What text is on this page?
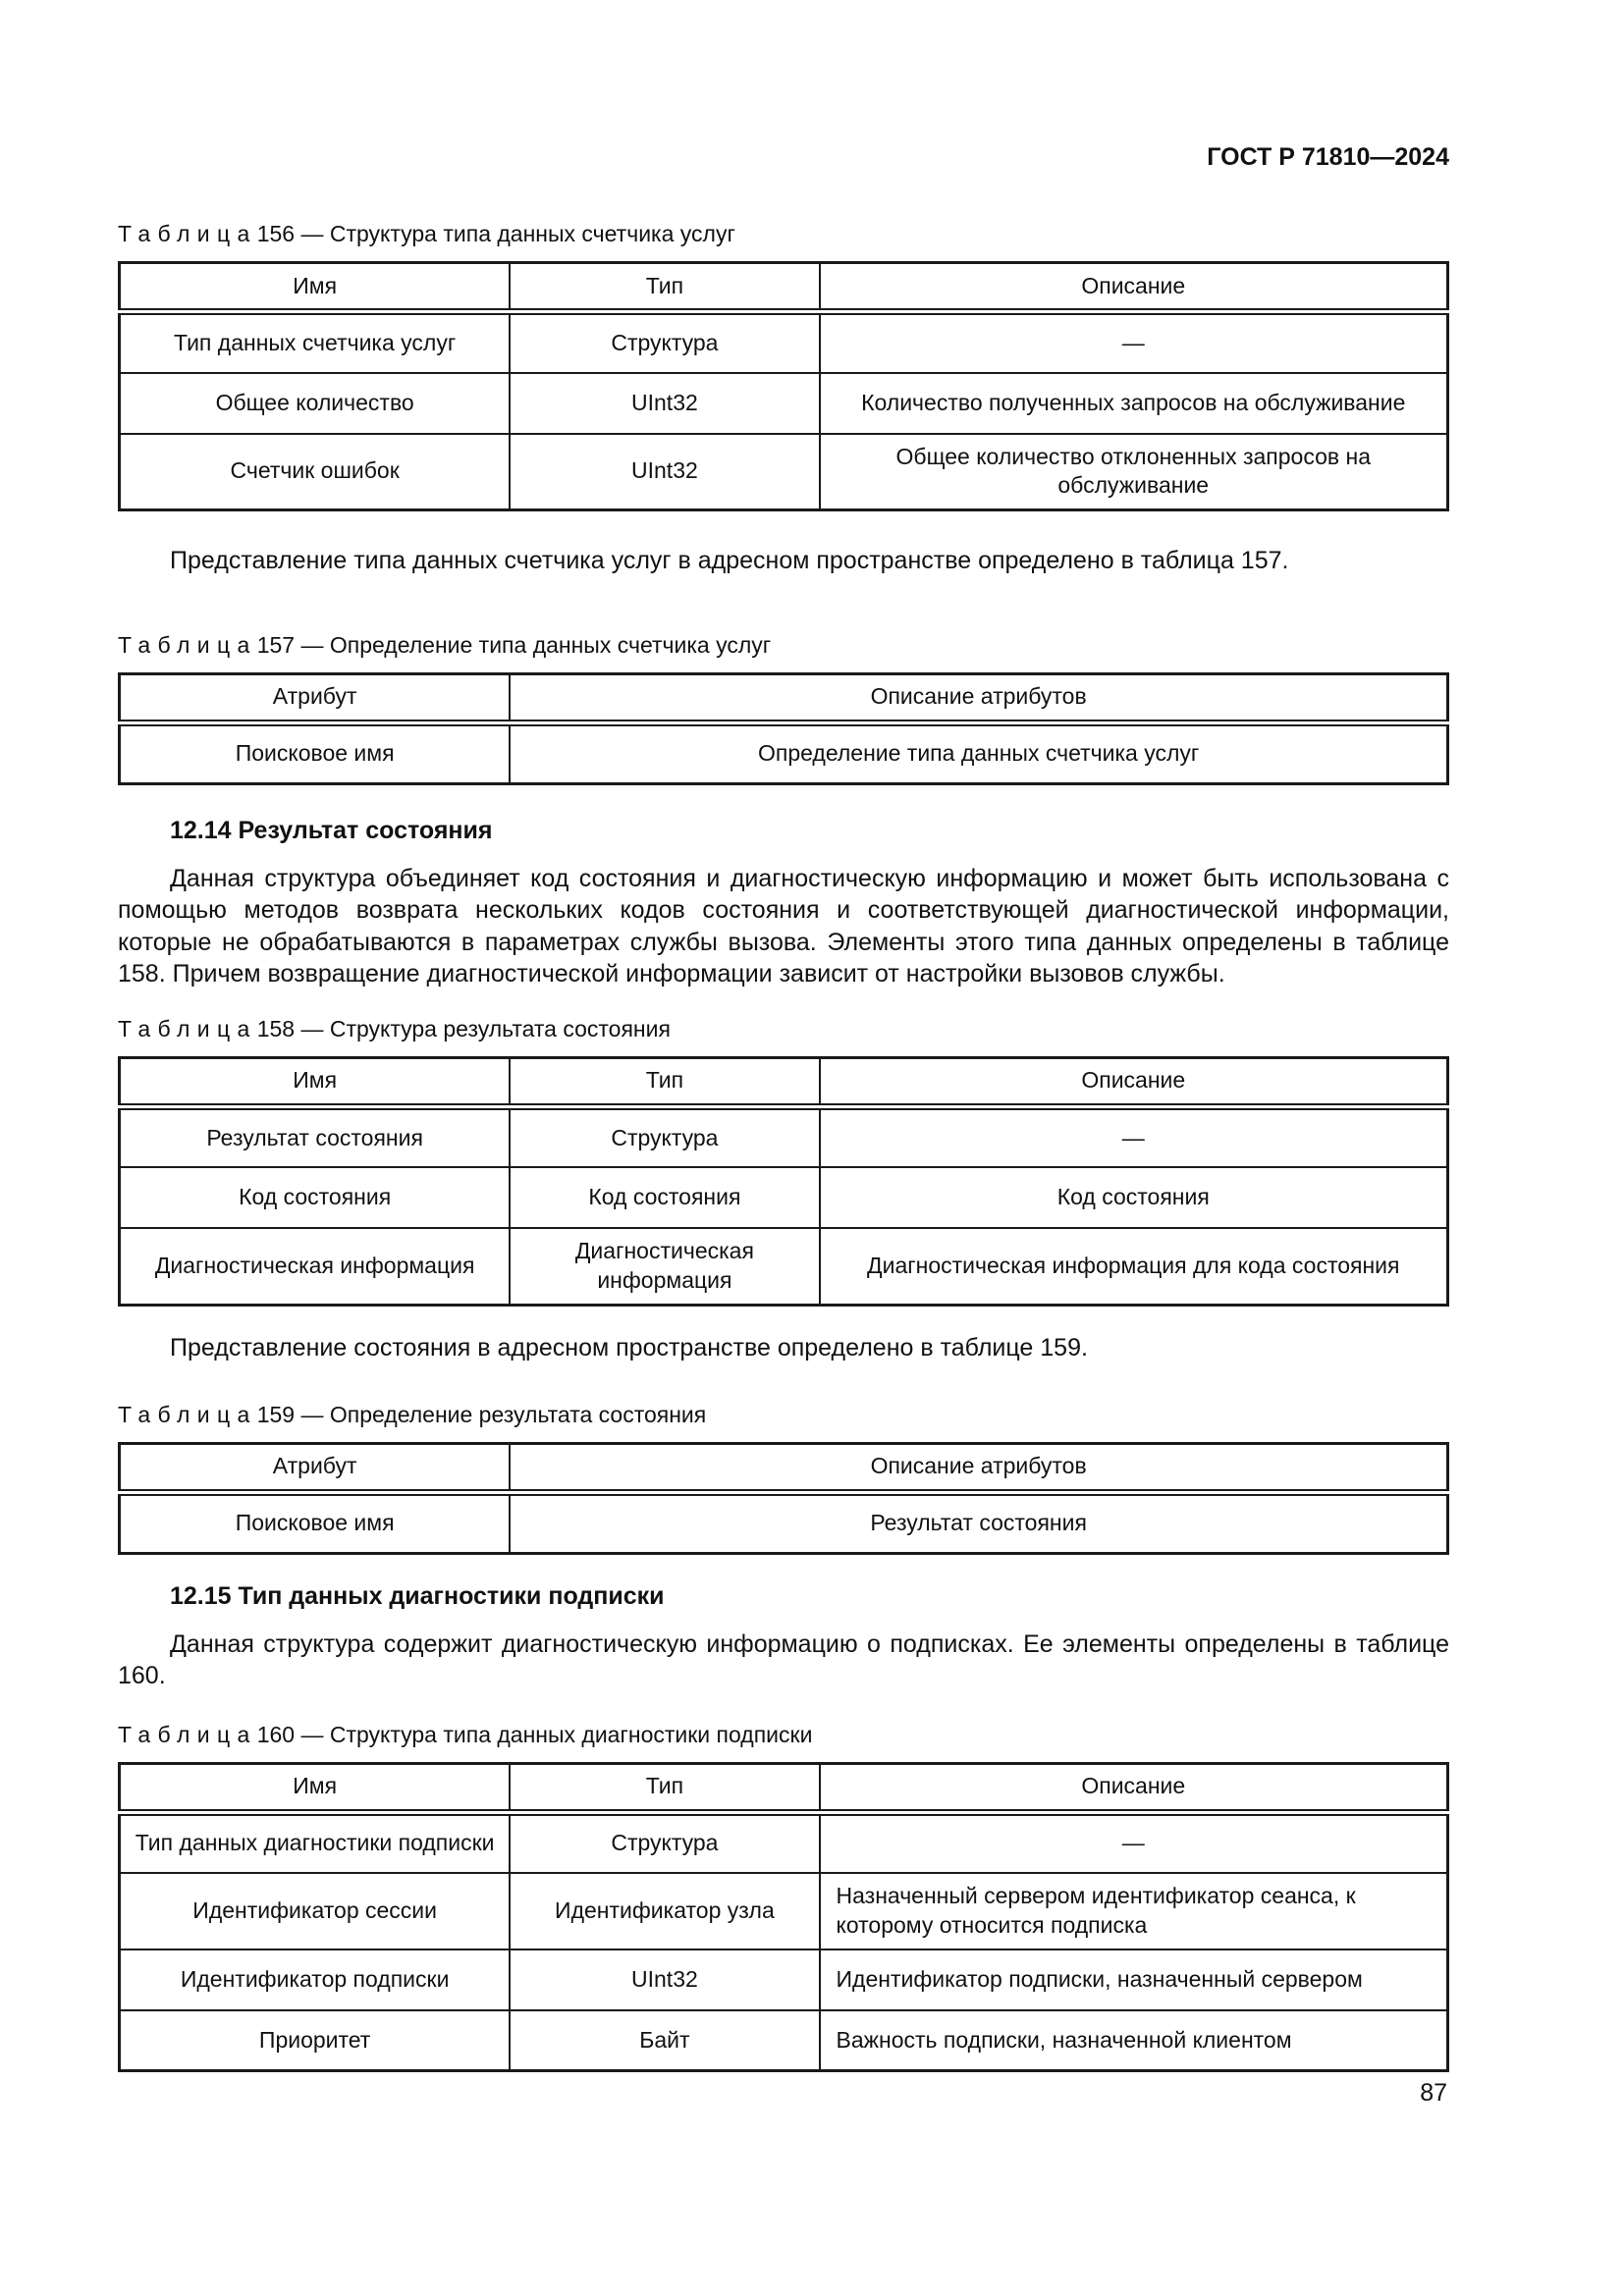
ГОСТ Р 71810—2024

Таблица156 — Структура типа данных счетчика услуг

Имя	Тип	Описание
Тип данных счетчика услуг	Структура	—
Общее количество	UInt32	Количество полученных запросов на обслуживание
Счетчик ошибок	UInt32	Общее количество отклоненных запросов на обслуживание

Представление типа данных счетчика услуг в адресном пространстве определено в таблица 157.

Таблица157 — Определение типа данных счетчика услуг

Атрибут	Описание атрибутов
Поисковое имя	Определение типа данных счетчика услуг
12.14 Результат состояния

Данная структура объединяет код состояния и диагностическую информацию и может быть использована с помощью методов возврата нескольких кодов состояния и соответствующей диагностической информации, которые не обрабатываются в параметрах службы вызова. Элементы этого типа данных определены в таблице 158. Причем возвращение диагностической информации зависит от настройки вызовов службы.

Таблица158 — Структура результата состояния

Имя	Тип	Описание
Результат состояния	Структура	—
Код состояния	Код состояния	Код состояния
Диагностическая информация	Диагностическая информация	Диагностическая информация для кода состояния

Представление состояния в адресном пространстве определено в таблице 159.

Таблица159 — Определение результата состояния

Атрибут	Описание атрибутов
Поисковое имя	Результат состояния
12.15 Тип данных диагностики подписки

Данная структура содержит диагностическую информацию о подписках. Ее элементы определены в таблице 160.

Таблица160 — Структура типа данных диагностики подписки

Имя	Тип	Описание
Тип данных диагностики подписки	Структура	—
Идентификатор сессии	Идентификатор узла	Назначенный сервером идентификатор сеанса, к которому относится подписка
Идентификатор подписки	UInt32	Идентификатор подписки, назначенный сервером
Приоритет	Байт	Важность подписки, назначенной клиентом
87
